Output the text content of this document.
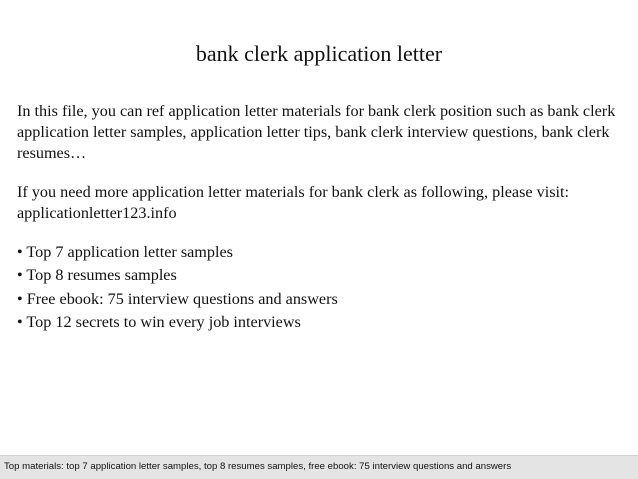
bank clerk application letter

In this file, you can ref application letter materials for bank clerk position such as bank clerk application letter samples, application letter tips, bank clerk interview questions, bank clerk resumes…

If you need more application letter materials for bank clerk as following, please visit: applicationletter123.info

• Top 7 application letter samples
• Top 8 resumes samples
• Free ebook: 75 interview questions and answers
• Top 12 secrets to win every job interviews
Top materials: top 7 application letter samples, top 8 resumes samples, free ebook: 75 interview questions and answers
